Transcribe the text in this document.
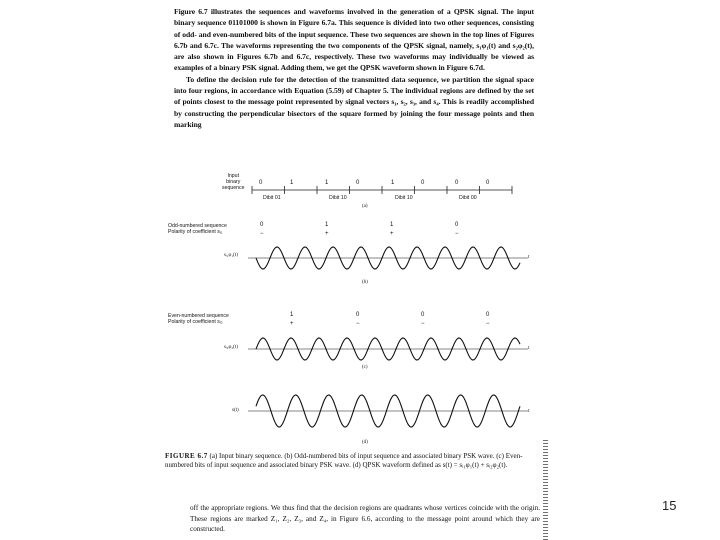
Figure 6.7 illustrates the sequences and waveforms involved in the generation of a QPSK signal. The input binary sequence 01101000 is shown in Figure 6.7a. This sequence is divided into two other sequences, consisting of odd- and even-numbered bits of the input sequence. These two sequences are shown in the top lines of Figures 6.7b and 6.7c. The waveforms representing the two components of the QPSK signal, namely, s₁φ₁(t) and s₂φ₂(t), are also shown in Figures 6.7b and 6.7c, respectively. These two waveforms may individually be viewed as examples of a binary PSK signal. Adding them, we get the QPSK waveform shown in Figure 6.7d.

To define the decision rule for the detection of the transmitted data sequence, we partition the signal space into four regions, in accordance with Equation (5.59) of Chapter 5. The individual regions are defined by the set of points closest to the message point represented by signal vectors s₁, s₂, s₃, and s₄. This is readily accomplished by constructing the perpendicular bisectors of the square formed by joining the four message points and then marking

Input
binary
sequence
0	1	1	0	1	0	0	0
Dibit 01	Dibit 10	Dibit 10	Dibit 00
(a)
Odd-numbered sequence
Polarity of coefficient sᵢ₁
0	1	1	0
−	+	+	−
sᵢ₁φ₁(t)
(b)
Even-numbered sequence
Polarity of coefficient sᵢ₂
1	0	0	0
+	−	−	−
sᵢ₂φ₂(t)
(c)
s(t)
(d)
t
t
t
FIGURE 6.7 (a) Input binary sequence. (b) Odd-numbered bits of input sequence and associated binary PSK wave. (c) Even-numbered bits of input sequence and associated binary PSK wave. (d) QPSK waveform defined as s(t) = sᵢ₁φ₁(t) + sᵢ₂φ₂(t).
off the appropriate regions. We thus find that the decision regions are quadrants whose vertices coincide with the origin. These regions are marked Z₁, Z₂, Z₃, and Z₄, in Figure 6.6, according to the message point around which they are constructed.
15
